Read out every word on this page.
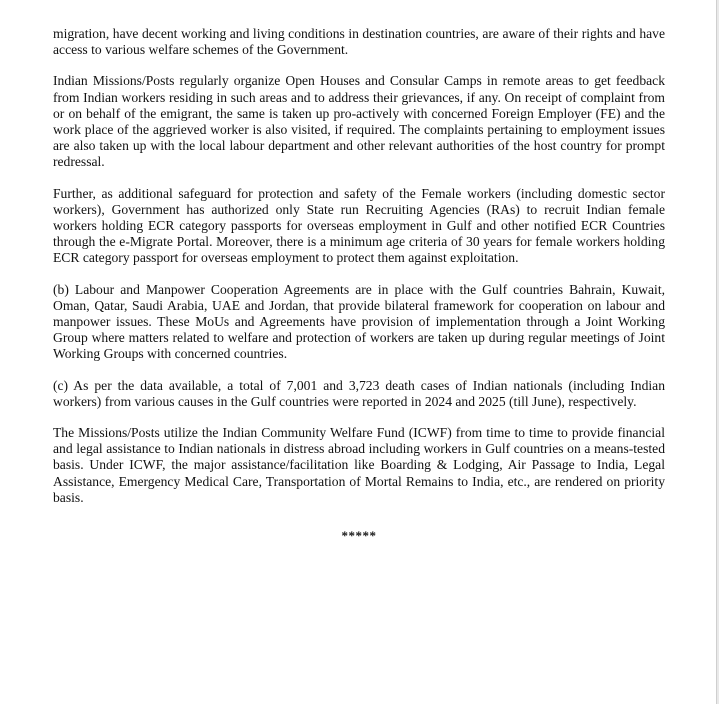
migration, have decent working and living conditions in destination countries, are aware of their rights and have access to various welfare schemes of the Government.

Indian Missions/Posts regularly organize Open Houses and Consular Camps in remote areas to get feedback from Indian workers residing in such areas and to address their grievances, if any. On receipt of complaint from or on behalf of the emigrant, the same is taken up pro-actively with concerned Foreign Employer (FE) and the work place of the aggrieved worker is also visited, if required. The complaints pertaining to employment issues are also taken up with the local labour department and other relevant authorities of the host country for prompt redressal.

Further, as additional safeguard for protection and safety of the Female workers (including domestic sector workers), Government has authorized only State run Recruiting Agencies (RAs) to recruit Indian female workers holding ECR category passports for overseas employment in Gulf and other notified ECR Countries through the e-Migrate Portal. Moreover, there is a minimum age criteria of 30 years for female workers holding ECR category passport for overseas employment to protect them against exploitation.

(b) Labour and Manpower Cooperation Agreements are in place with the Gulf countries Bahrain, Kuwait, Oman, Qatar, Saudi Arabia, UAE and Jordan, that provide bilateral framework for cooperation on labour and manpower issues. These MoUs and Agreements have provision of implementation through a Joint Working Group where matters related to welfare and protection of workers are taken up during regular meetings of Joint Working Groups with concerned countries.

(c) As per the data available, a total of 7,001 and 3,723 death cases of Indian nationals (including Indian workers) from various causes in the Gulf countries were reported in 2024 and 2025 (till June), respectively.

The Missions/Posts utilize the Indian Community Welfare Fund (ICWF) from time to time to provide financial and legal assistance to Indian nationals in distress abroad including workers in Gulf countries on a means-tested basis. Under ICWF, the major assistance/facilitation like Boarding & Lodging, Air Passage to India, Legal Assistance, Emergency Medical Care, Transportation of Mortal Remains to India, etc., are rendered on priority basis.

*****
